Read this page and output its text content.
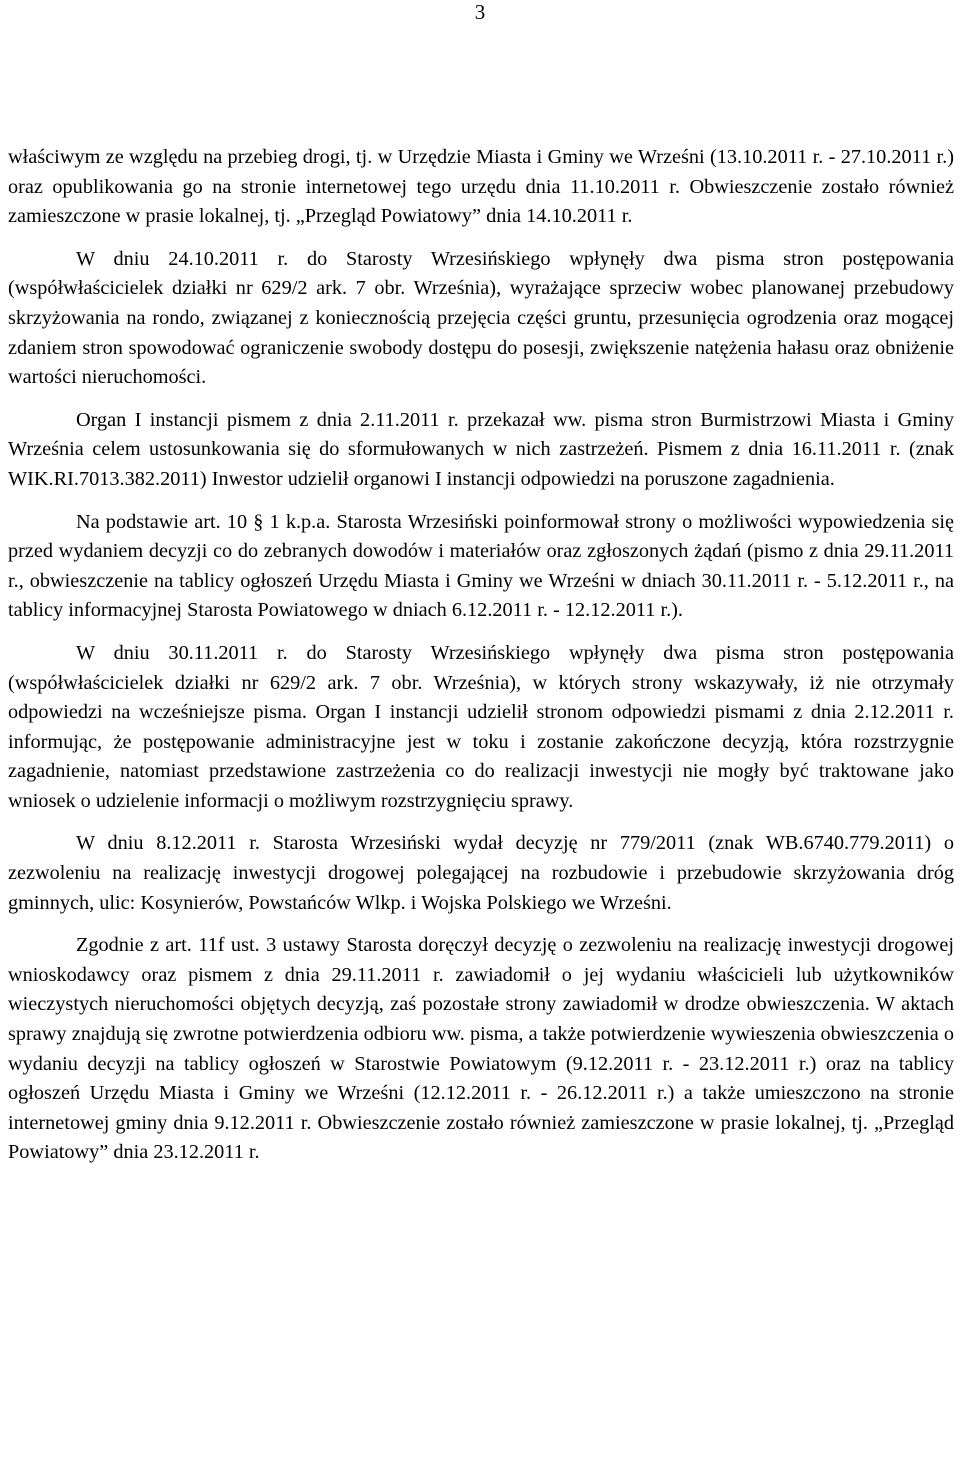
3

właściwym ze względu na przebieg drogi, tj. w Urzędzie Miasta i Gminy we Wrześni (13.10.2011 r. - 27.10.2011 r.) oraz opublikowania go na stronie internetowej tego urzędu dnia 11.10.2011 r. Obwieszczenie zostało również zamieszczone w prasie lokalnej, tj. „Przegląd Powiatowy” dnia 14.10.2011 r.

W dniu 24.10.2011 r. do Starosty Wrzesińskiego wpłynęły dwa pisma stron postępowania (współwłaścicielek działki nr 629/2 ark. 7 obr. Września), wyrażające sprzeciw wobec planowanej przebudowy skrzyżowania na rondo, związanej z koniecznością przejęcia części gruntu, przesunięcia ogrodzenia oraz mogącej zdaniem stron spowodować ograniczenie swobody dostępu do posesji, zwiększenie natężenia hałasu oraz obniżenie wartości nieruchomości.

Organ I instancji pismem z dnia 2.11.2011 r. przekazał ww. pisma stron Burmistrzowi Miasta i Gminy Września celem ustosunkowania się do sformułowanych w nich zastrzeżeń. Pismem z dnia 16.11.2011 r. (znak WIK.RI.7013.382.2011) Inwestor udzielił organowi I instancji odpowiedzi na poruszone zagadnienia.

Na podstawie art. 10 § 1 k.p.a. Starosta Wrzesiński poinformował strony o możliwości wypowiedzenia się przed wydaniem decyzji co do zebranych dowodów i materiałów oraz zgłoszonych żądań (pismo z dnia 29.11.2011 r., obwieszczenie na tablicy ogłoszeń Urzędu Miasta i Gminy we Wrześni w dniach 30.11.2011 r. - 5.12.2011 r., na tablicy informacyjnej Starosta Powiatowego w dniach 6.12.2011 r. - 12.12.2011 r.).

W dniu 30.11.2011 r. do Starosty Wrzesińskiego wpłynęły dwa pisma stron postępowania (współwłaścicielek działki nr 629/2 ark. 7 obr. Września), w których strony wskazywały, iż nie otrzymały odpowiedzi na wcześniejsze pisma. Organ I instancji udzielił stronom odpowiedzi pismami z dnia 2.12.2011 r. informując, że postępowanie administracyjne jest w toku i zostanie zakończone decyzją, która rozstrzygnie zagadnienie, natomiast przedstawione zastrzeżenia co do realizacji inwestycji nie mogły być traktowane jako wniosek o udzielenie informacji o możliwym rozstrzygnięciu sprawy.

W dniu 8.12.2011 r. Starosta Wrzesiński wydał decyzję nr 779/2011 (znak WB.6740.779.2011) o zezwoleniu na realizację inwestycji drogowej polegającej na rozbudowie i przebudowie skrzyżowania dróg gminnych, ulic: Kosynierów, Powstańców Wlkp. i Wojska Polskiego we Wrześni.

Zgodnie z art. 11f ust. 3 ustawy Starosta doręczył decyzję o zezwoleniu na realizację inwestycji drogowej wnioskodawcy oraz pismem z dnia 29.11.2011 r. zawiadomił o jej wydaniu właścicieli lub użytkowników wieczystych nieruchomości objętych decyzją, zaś pozostałe strony zawiadomił w drodze obwieszczenia. W aktach sprawy znajdują się zwrotne potwierdzenia odbioru ww. pisma, a także potwierdzenie wywieszenia obwieszczenia o wydaniu decyzji na tablicy ogłoszeń w Starostwie Powiatowym (9.12.2011 r. - 23.12.2011 r.) oraz na tablicy ogłoszeń Urzędu Miasta i Gminy we Wrześni (12.12.2011 r. - 26.12.2011 r.) a także umieszczono na stronie internetowej gminy dnia 9.12.2011 r. Obwieszczenie zostało również zamieszczone w prasie lokalnej, tj. „Przegląd Powiatowy” dnia 23.12.2011 r.
